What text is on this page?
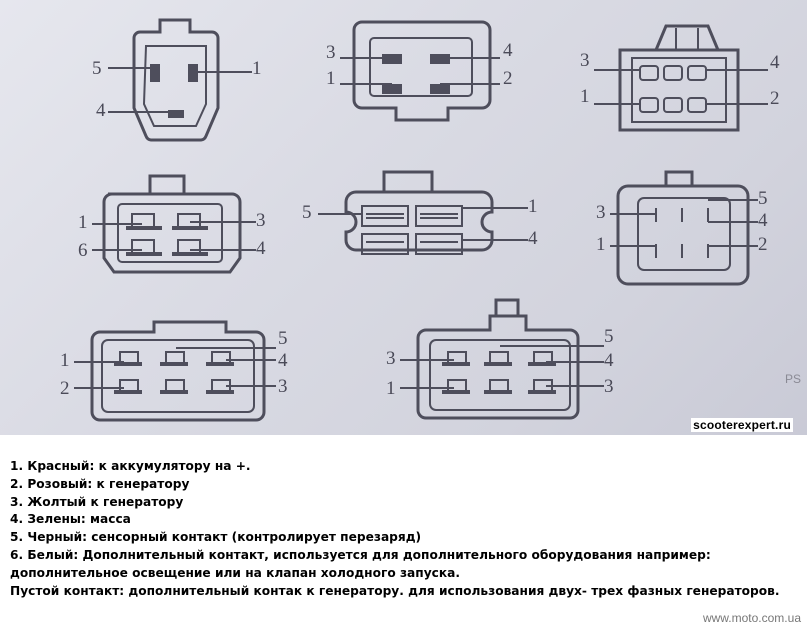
5	1
4
3	4
1	2
3	4
1	2
1	3
6	4
5	1
4
5
3	4
1	2
5
1	4
2	3
5
3	4
1	3	PS
scooterexpert.ru
1. Красный: к аккумулятору на +.
2. Розовый: к генератору
3. Жолтый к генератору
4. Зелены: масса
5. Черный: сенсорный контакт (контролирует перезаряд)
6. Белый: Дополнительный контакт, используется для дополнительного оборудования например:
дополнительное освещение или на клапан холодного запуска.
Пустой контакт: дополнительный контак к генератору. для использования двух- трех фазных генераторов.
www.moto.com.ua
